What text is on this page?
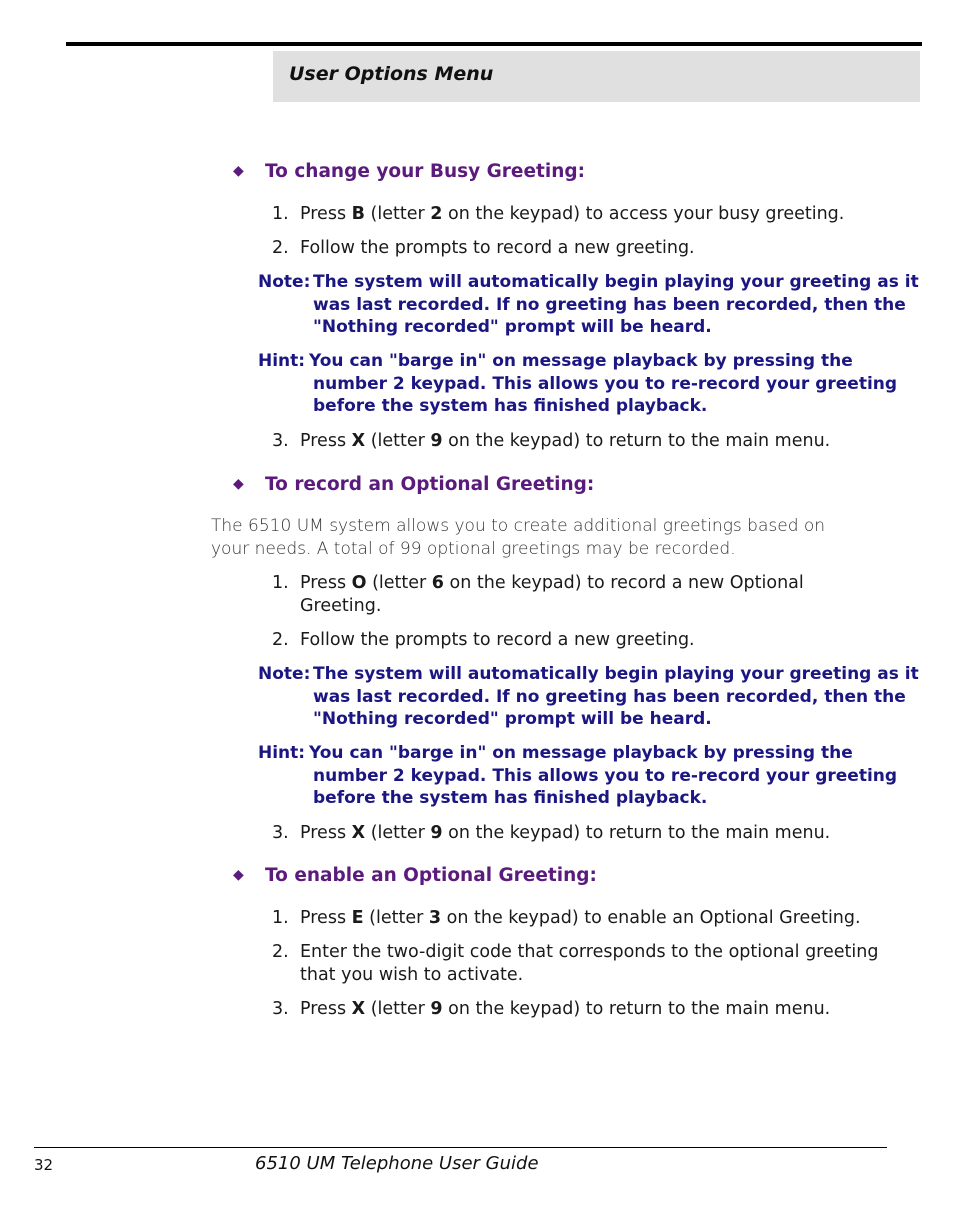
User Options Menu
◆ To change your Busy Greeting:
1. Press B (letter 2 on the keypad) to access your busy greeting.
2. Follow the prompts to record a new greeting.
Note: The system will automatically begin playing your greeting as it
was last recorded. If no greeting has been recorded, then the
"Nothing recorded" prompt will be heard.
Hint: You can "barge in" on message playback by pressing the
number 2 keypad. This allows you to re-record your greeting
before the system has finished playback.
3. Press X (letter 9 on the keypad) to return to the main menu.
◆ To record an Optional Greeting:
The 6510 UM system allows you to create additional greetings based on your needs. A total of 99 optional greetings may be recorded.
1. Press O (letter 6 on the keypad) to record a new Optional Greeting.
2. Follow the prompts to record a new greeting.
Note: The system will automatically begin playing your greeting as it
was last recorded. If no greeting has been recorded, then the
"Nothing recorded" prompt will be heard.
Hint: You can "barge in" on message playback by pressing the
number 2 keypad. This allows you to re-record your greeting
before the system has finished playback.
3. Press X (letter 9 on the keypad) to return to the main menu.
◆ To enable an Optional Greeting:
1. Press E (letter 3 on the keypad) to enable an Optional Greeting.
2. Enter the two-digit code that corresponds to the optional greeting that you wish to activate.
3. Press X (letter 9 on the keypad) to return to the main menu.
32	6510 UM Telephone User Guide
